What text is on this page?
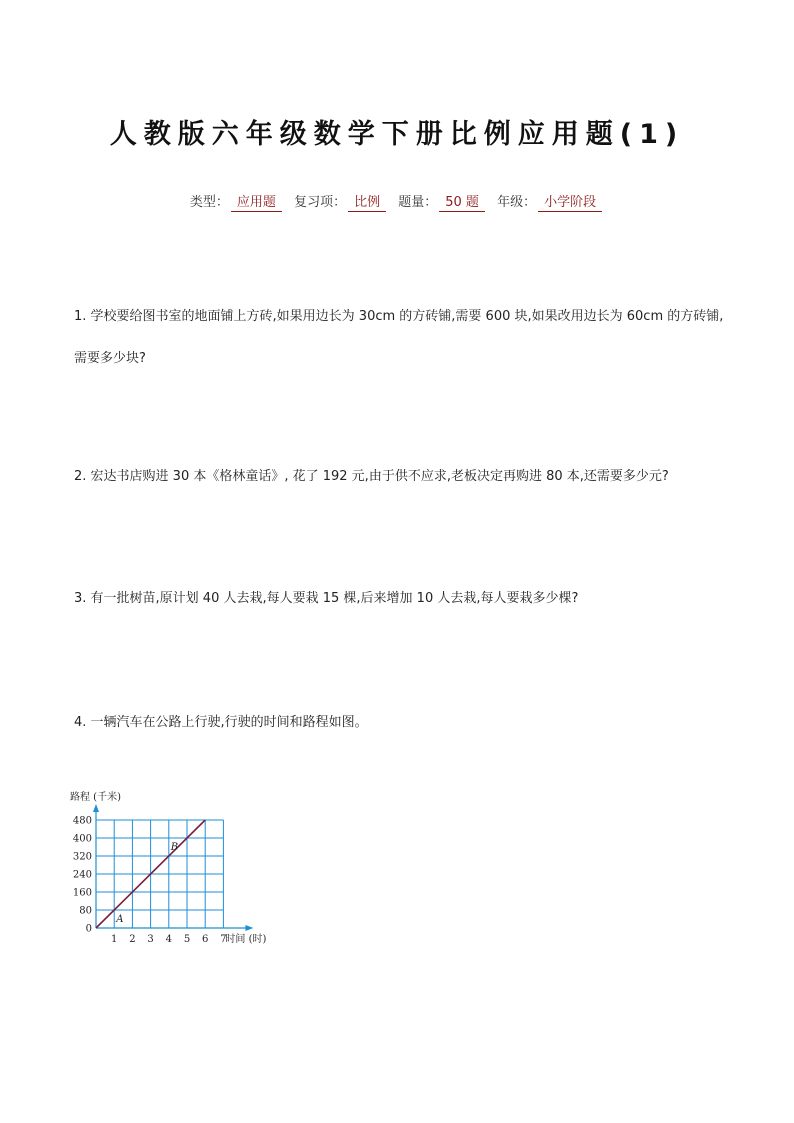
人教版六年级数学下册比例应用题(1)
类型： 应用题 复习项： 比例 题量： 50 题 年级： 小学阶段
1. 学校要给图书室的地面铺上方砖,如果用边长为 30cm 的方砖铺,需要 600 块,如果改用边长为 60cm 的方砖铺,需要多少块?
2. 宏达书店购进 30 本《格林童话》, 花了 192 元,由于供不应求,老板决定再购进 80 本,还需要多少元?
3. 有一批树苗,原计划 40 人去栽,每人要栽 15 棵,后来增加 10 人去栽,每人要栽多少棵?
4. 一辆汽车在公路上行驶,行驶的时间和路程如图。
80
160
240
320
400
480
0
1 2 3 4 5 6 7
路程 (千米)
时间 (时)
A
B
